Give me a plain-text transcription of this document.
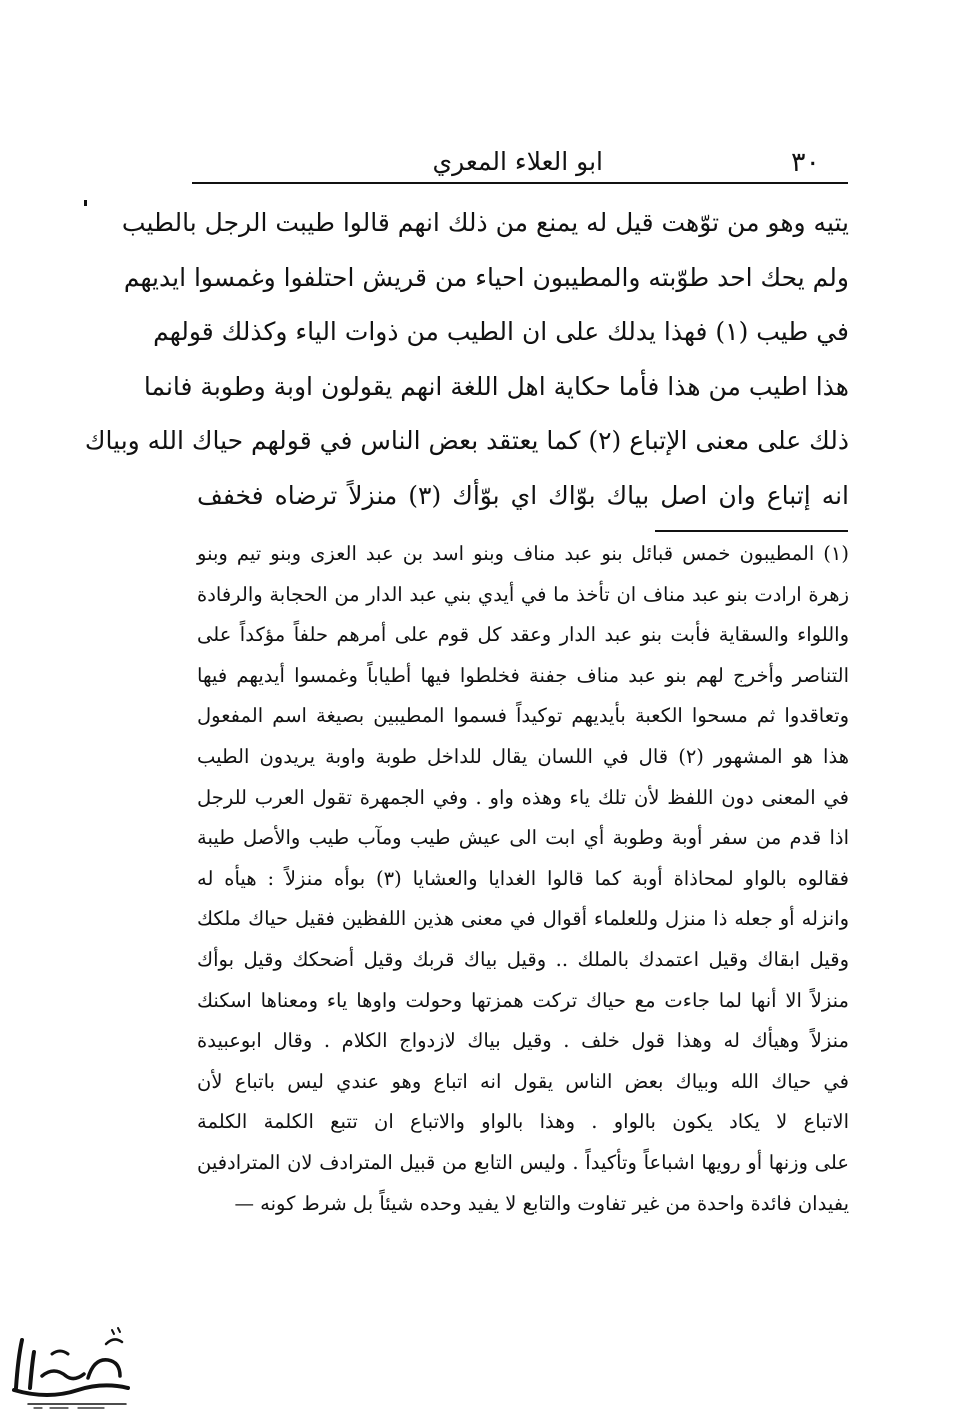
٣٠
ابو العلاء المعري
يتيه وهو من توّهت قيل له يمنع من ذلك انهم قالوا طيبت الرجل بالطيب
ولم يحك احد طوّبته والمطيبون احياء من قريش احتلفوا وغمسوا ايديهم
في طيب (١) فهذا يدلك على ان الطيب من ذوات الياء وكذلك قولهم
هذا اطيب من هذا فأما حكاية اهل اللغة انهم يقولون اوبة وطوبة فانما
ذلك على معنى الإتباع (٢) كما يعتقد بعض الناس في قولهم حياك الله وبياك
انه إتباع وان اصل بياك بوّاك اي بوّأك (٣) منزلاً ترضاه فخفف
(١) المطيبون خمس قبائل بنو عبد مناف وبنو اسد بن عبد العزى وبنو تيم وبنو
زهرة ارادت بنو عبد مناف ان تأخذ ما في أيدي بني عبد الدار من الحجابة والرفادة
واللواء والسقاية فأبت بنو عبد الدار وعقد كل قوم على أمرهم حلفاً مؤكداً على
التناصر وأخرج لهم بنو عبد مناف جفنة فخلطوا فيها أطياباً وغمسوا أيديهم فيها
وتعاقدوا ثم مسحوا الكعبة بأيديهم توكيداً فسموا المطيبين بصيغة اسم المفعول
هذا هو المشهور (٢) قال في اللسان يقال للداخل طوبة واوبة يريدون الطيب
في المعنى دون اللفظ لأن تلك ياء وهذه واو . وفي الجمهرة تقول العرب للرجل
اذا قدم من سفر أوبة وطوبة أي ابت الى عيش طيب ومآب طيب والأصل طيبة
فقالوه بالواو لمحاذاة أوبة كما قالوا الغدايا والعشايا (٣) بوأه منزلاً : هيأه له
وانزله أو جعله ذا منزل وللعلماء أقوال في معنى هذين اللفظين فقيل حياك ملكك
وقيل ابقاك وقيل اعتمدك بالملك .. وقيل بياك قربك وقيل أضحكك وقيل بوأك
منزلاً الا أنها لما جاءت مع حياك تركت همزتها وحولت واوها ياء ومعناها اسكنك
منزلاً وهيأك له وهذا قول خلف . وقيل بياك لازدواج الكلام . وقال ابوعبيدة
في حياك الله وبياك بعض الناس يقول انه اتباع وهو عندي ليس باتباع لأن
الاتباع لا يكاد يكون بالواو . وهذا بالواو والاتباع ان تتبع الكلمة الكلمة
على وزنها أو رويها اشباعاً وتأكيداً . وليس التابع من قبيل المترادف لان المترادفين
يفيدان فائدة واحدة من غير تفاوت والتابع لا يفيد وحده شيئاً بل شرط كونه —
